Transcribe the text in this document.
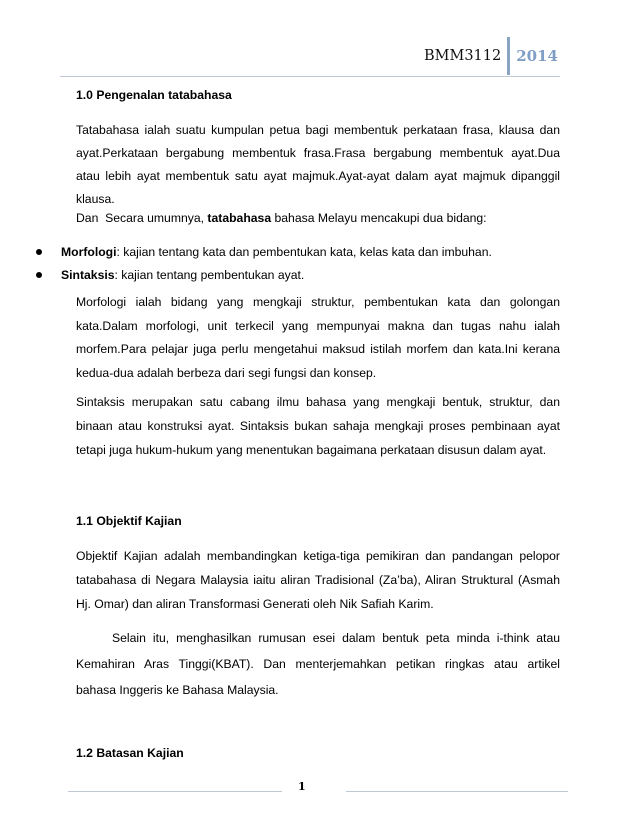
BMM3112	2014
1.0 Pengenalan tatabahasa
Tatabahasa ialah suatu kumpulan petua bagi membentuk perkataan frasa, klausa dan
ayat.Perkataan bergabung membentuk frasa.Frasa bergabung membentuk ayat.Dua
atau lebih ayat membentuk satu ayat majmuk.Ayat-ayat dalam ayat majmuk dipanggil
klausa.
Dan  Secara umumnya, tatabahasa bahasa Melayu mencakupi dua bidang:
Morfologi: kajian tentang kata dan pembentukan kata, kelas kata dan imbuhan.
Sintaksis: kajian tentang pembentukan ayat.
Morfologi ialah bidang yang mengkaji struktur, pembentukan kata dan golongan
kata.Dalam morfologi, unit terkecil yang mempunyai makna dan tugas nahu ialah
morfem.Para pelajar juga perlu mengetahui maksud istilah morfem dan kata.Ini kerana
kedua-dua adalah berbeza dari segi fungsi dan konsep.
Sintaksis merupakan satu cabang ilmu bahasa yang mengkaji bentuk, struktur, dan
binaan atau konstruksi ayat. Sintaksis bukan sahaja mengkaji proses pembinaan ayat
tetapi juga hukum-hukum yang menentukan bagaimana perkataan disusun dalam ayat.
1.1 Objektif Kajian
Objektif Kajian adalah membandingkan ketiga-tiga pemikiran dan pandangan pelopor
tatabahasa di Negara Malaysia iaitu aliran Tradisional (Za’ba), Aliran Struktural (Asmah
Hj. Omar) dan aliran Transformasi Generati oleh Nik Safiah Karim.
Selain itu, menghasilkan rumusan esei dalam bentuk peta minda i-think atau
Kemahiran Aras Tinggi(KBAT). Dan menterjemahkan petikan ringkas atau artikel
bahasa Inggeris ke Bahasa Malaysia.
1.2 Batasan Kajian
1
